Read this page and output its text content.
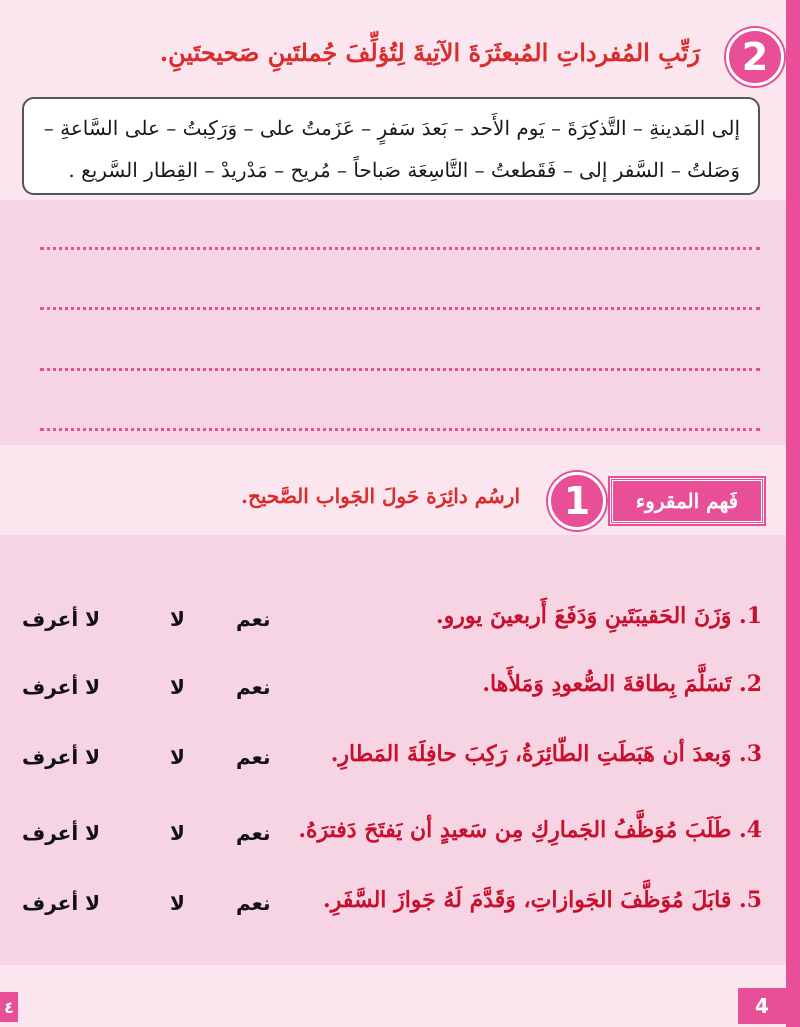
2
رَتِّبِ المُفرداتِ المُبعثَرَةَ الآتِيةَ لِتُؤلِّفَ جُملتَينِ صَحيحتَينِ.
إلى المَدينةِ – التَّذكِرَةَ – يَوم الأَحد – بَعدَ سَفرٍ – عَزَمتُ على – وَرَكِبتُ – على السَّاعةِ –
وَصَلتُ – السَّفر إلى – فَقَطعتُ – التَّاسِعَة صَباحاً – مُريح – مَدْريدْ – القِطار السَّريع .
فَهم المقروء
1
ارسُم دائِرَة حَولَ الجَواب الصَّحيح.
1. وَزَنَ الحَقيبَتَينِ وَدَفَعَ أَربعينَ يورو.
نعم
لا
لا أعرف
2. تَسَلَّمَ بِطاقةَ الصُّعودِ وَمَلأَها.
نعم
لا
لا أعرف
3. وَبعدَ أن هَبَطَتِ الطّائِرَةُ، رَكِبَ حافِلَةَ المَطارِ.
نعم
لا
لا أعرف
4. طَلَبَ مُوَظَّفُ الجَمارِكِ مِن سَعيدٍ أن يَفتَحَ دَفترَهُ.
نعم
لا
لا أعرف
5. قابَلَ مُوَظَّفَ الجَوازاتِ، وَقَدَّمَ لَهُ جَوازَ السَّفَرِ.
نعم
لا
لا أعرف
٤	4
